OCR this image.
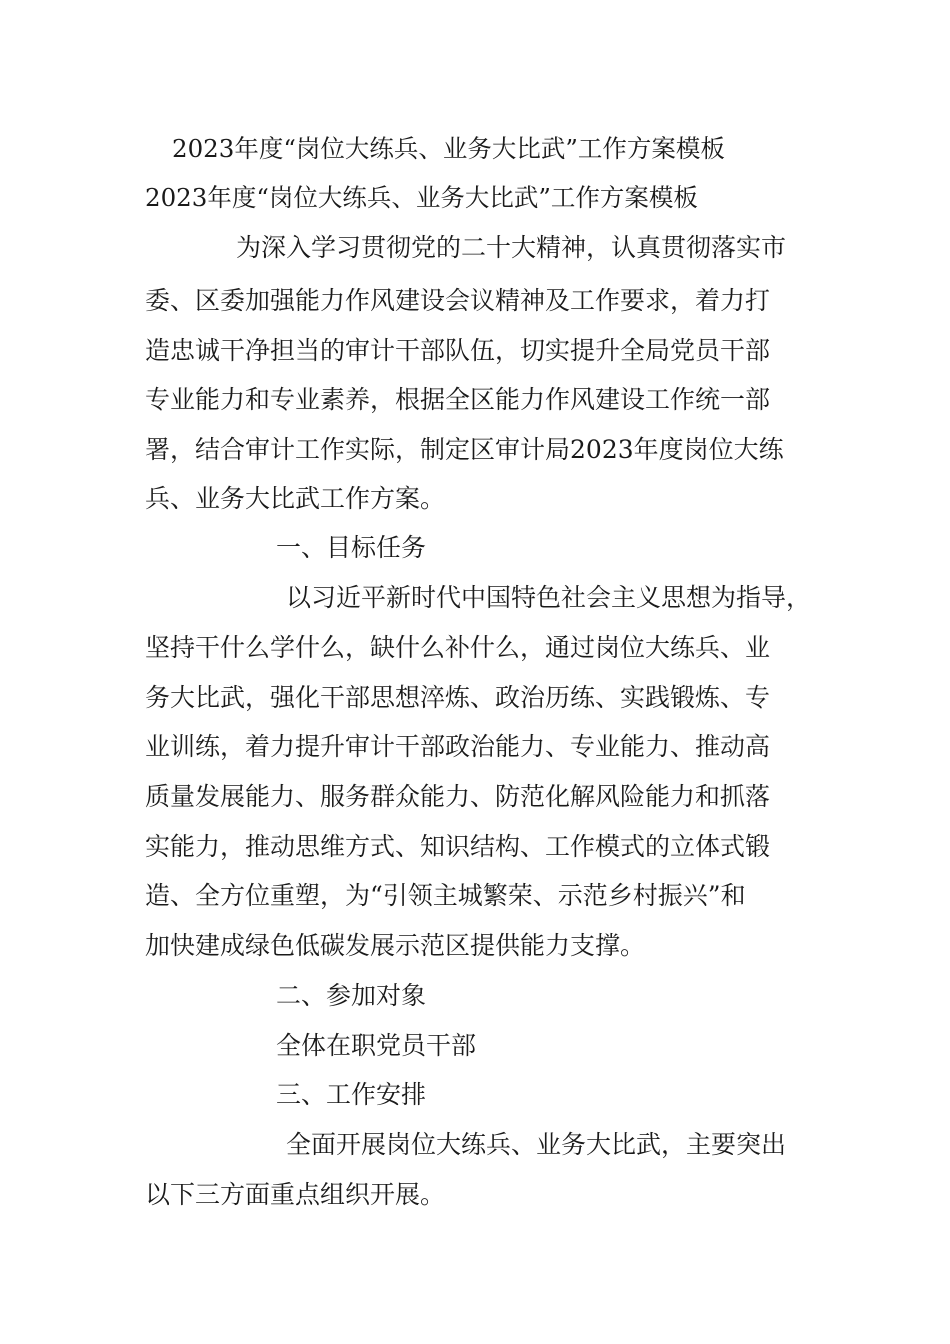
2023年度“岗位大练兵、业务大比武”工作方案模板

2023年度“岗位大练兵、业务大比武”工作方案模板

为深入学习贯彻党的二十大精神，认真贯彻落实市

委、区委加强能力作风建设会议精神及工作要求，着力打

造忠诚干净担当的审计干部队伍，切实提升全局党员干部

专业能力和专业素养，根据全区能力作风建设工作统一部

署，结合审计工作实际，制定区审计局2023年度岗位大练

兵、业务大比武工作方案。

一、目标任务

以习近平新时代中国特色社会主义思想为指导，

坚持干什么学什么，缺什么补什么，通过岗位大练兵、业

务大比武，强化干部思想淬炼、政治历练、实践锻炼、专

业训练，着力提升审计干部政治能力、专业能力、推动高

质量发展能力、服务群众能力、防范化解风险能力和抓落

实能力，推动思维方式、知识结构、工作模式的立体式锻

造、全方位重塑，为“引领主城繁荣、示范乡村振兴”和

加快建成绿色低碳发展示范区提供能力支撑。

二、参加对象

全体在职党员干部

三、工作安排

全面开展岗位大练兵、业务大比武，主要突出

以下三方面重点组织开展。
